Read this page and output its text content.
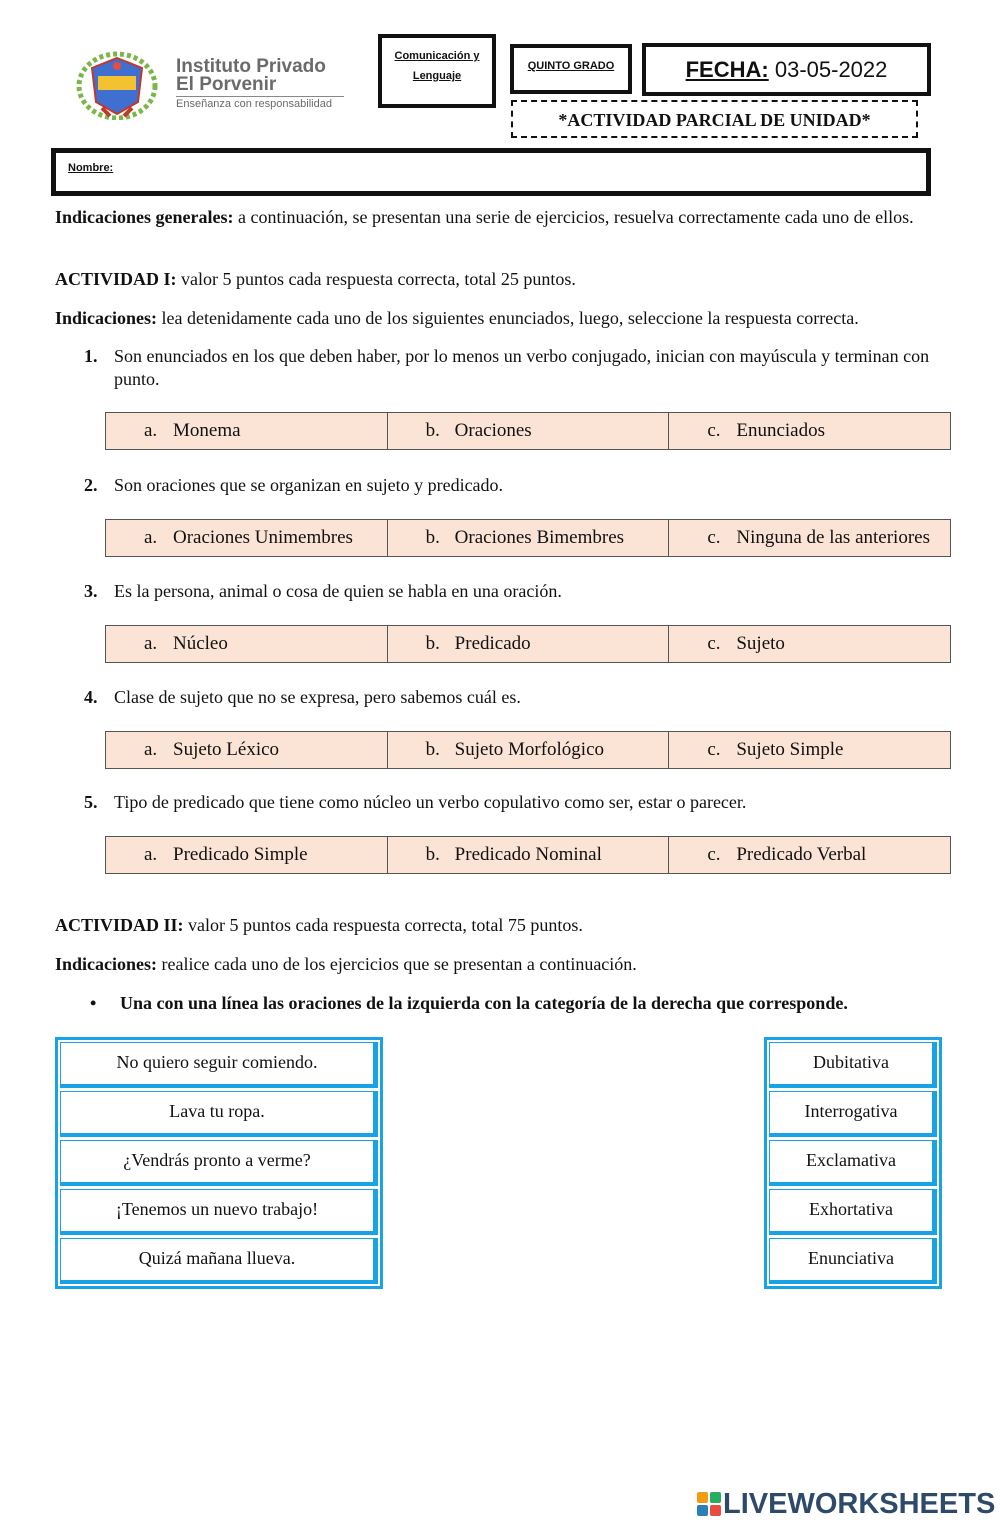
Instituto Privado
El Porvenir
Enseñanza con responsabilidad
Comunicación y
Lenguaje
QUINTO GRADO	FECHA: 03-05-2022
*ACTIVIDAD PARCIAL DE UNIDAD*
Nombre:
Indicaciones generales: a continuación, se presentan una serie de ejercicios, resuelva correctamente cada uno de ellos.
ACTIVIDAD I: valor 5 puntos cada respuesta correcta, total 25 puntos.
Indicaciones: lea detenidamente cada uno de los siguientes enunciados, luego, seleccione la respuesta correcta.
1. Son enunciados en los que deben haber, por lo menos un verbo conjugado, inician con mayúscula y terminan con punto.
a. Monema	b. Oraciones	c. Enunciados
2. Son oraciones que se organizan en sujeto y predicado.
a. Oraciones Unimembres	b. Oraciones Bimembres	c. Ninguna de las anteriores
3. Es la persona, animal o cosa de quien se habla en una oración.
a. Núcleo	b. Predicado	c. Sujeto
4. Clase de sujeto que no se expresa, pero sabemos cuál es.
a. Sujeto Léxico	b. Sujeto Morfológico	c. Sujeto Simple
5. Tipo de predicado que tiene como núcleo un verbo copulativo como ser, estar o parecer.
a. Predicado Simple	b. Predicado Nominal	c. Predicado Verbal
ACTIVIDAD II: valor 5 puntos cada respuesta correcta, total 75 puntos.
Indicaciones: realice cada uno de los ejercicios que se presentan a continuación.
• Una con una línea las oraciones de la izquierda con la categoría de la derecha que corresponde.
No quiero seguir comiendo.
Lava tu ropa.
¿Vendrás pronto a verme?
¡Tenemos un nuevo trabajo!
Quizá mañana llueva.
Dubitativa
Interrogativa
Exclamativa
Exhortativa
Enunciativa
LIVEWORKSHEETS
